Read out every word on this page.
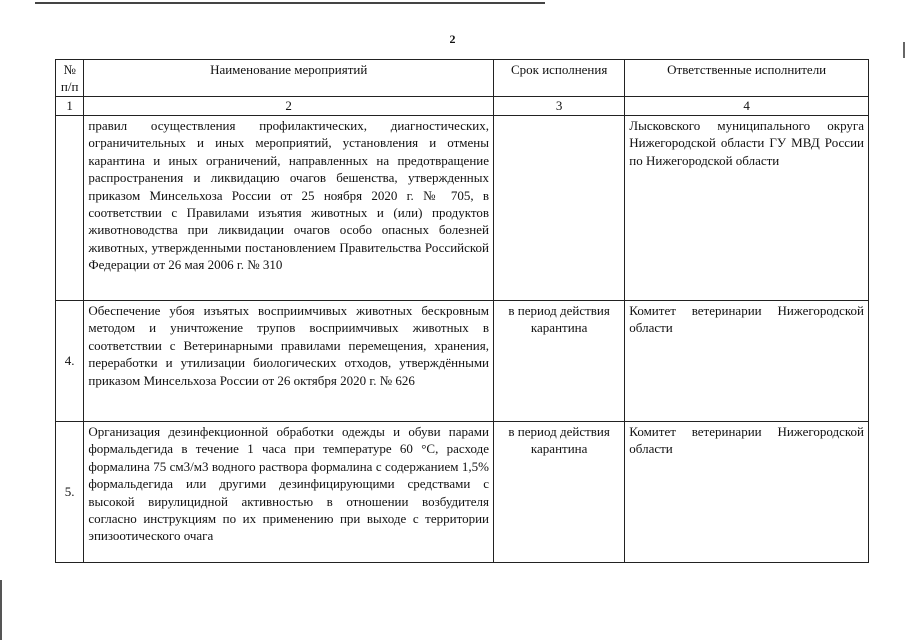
2
№ п/п	Наименование мероприятий	Срок исполнения	Ответственные исполнители
1	2	3	4
	правил осуществления профилактических, диагностических, ограничительных и иных мероприятий, установления и отмены карантина и иных ограничений, направленных на предотвращение распространения и ликвидацию очагов бешенства, утвержденных приказом Минсельхоза России от 25 ноября 2020 г. № 705, в соответствии с Правилами изъятия животных и (или) продуктов животноводства при ликвидации очагов особо опасных болезней животных, утвержденными постановлением Правительства Российской Федерации от 26 мая 2006 г. № 310		Лысковского муниципального округа Нижегородской области ГУ МВД России по Нижегородской области
4.	Обеспечение убоя изъятых восприимчивых животных бескровным методом и уничтожение трупов восприимчивых животных в соответствии с Ветеринарными правилами перемещения, хранения, переработки и утилизации биологических отходов, утверждёнными приказом Минсельхоза России от 26 октября 2020 г. № 626	в период действия карантина	Комитет ветеринарии Нижегородской области
5.	Организация дезинфекционной обработки одежды и обуви парами формальдегида в течение 1 часа при температуре 60 °С, расходе формалина 75 см3/м3 водного раствора формалина с содержанием 1,5% формальдегида или другими дезинфицирующими средствами с высокой вирулицидной активностью в отношении возбудителя согласно инструкциям по их применению при выходе с территории эпизоотического очага	в период действия карантина	Комитет ветеринарии Нижегородской области
